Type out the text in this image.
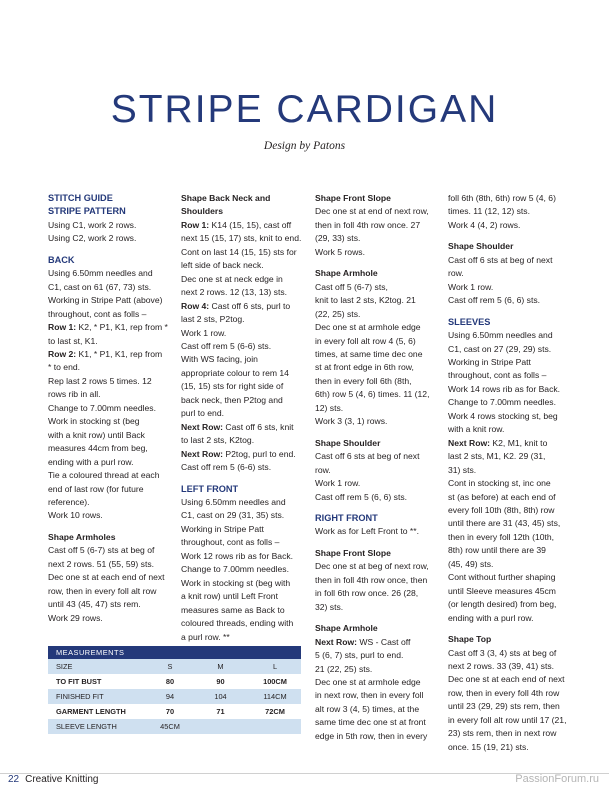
STRIPE CARDIGAN
Design by Patons

STITCH GUIDE

STRIPE PATTERN

Using C1, work 2 rows.

Using C2, work 2 rows.

BACK

Using 6.50mm needles and

C1, cast on 61 (67, 73) sts.

Working in Stripe Patt (above)

throughout, cont as folls –

Row 1: K2, * P1, K1, rep from *

to last st, K1.

Row 2: K1, * P1, K1, rep from

* to end.

Rep last 2 rows 5 times. 12

rows rib in all.

Change to 7.00mm needles.

Work in stocking st (beg

with a knit row) until Back

measures 44cm from beg,

ending with a purl row.

Tie a coloured thread at each

end of last row (for future

reference).

Work 10 rows.

Shape Armholes

Cast off 5 (6-7) sts at beg of

next 2 rows. 51 (55, 59) sts.

Dec one st at each end of next

row, then in every foll alt row

until 43 (45, 47) sts rem.

Work 29 rows.

Shape Back Neck and

Shoulders

Row 1: K14 (15, 15), cast off

next 15 (15, 17) sts, knit to end.

Cont on last 14 (15, 15) sts for

left side of back neck.

Dec one st at neck edge in

next 2 rows. 12 (13, 13) sts.

Row 4: Cast off 6 sts, purl to

last 2 sts, P2tog.

Work 1 row.

Cast off rem 5 (6-6) sts.

With WS facing, join

appropriate colour to rem 14

(15, 15) sts for right side of

back neck, then P2tog and

purl to end.

Next Row: Cast off 6 sts, knit

to last 2 sts, K2tog.

Next Row: P2tog, purl to end.

Cast off rem 5 (6-6) sts.

LEFT FRONT

Using 6.50mm needles and

C1, cast on 29 (31, 35) sts.

Working in Stripe Patt

throughout, cont as folls –

Work 12 rows rib as for Back.

Change to 7.00mm needles.

Work in stocking st (beg with

a knit row) until Left Front

measures same as Back to

coloured threads, ending with

a purl row. **

Shape Front Slope

Dec one st at end of next row,

then in foll 4th row once. 27

(29, 33) sts.

Work 5 rows.

Shape Armhole

Cast off 5 (6-7) sts,

knit to last 2 sts, K2tog. 21

(22, 25) sts.

Dec one st at armhole edge

in every foll alt row 4 (5, 6)

times, at same time dec one

st at front edge in 6th row,

then in every foll 6th (8th,

6th) row 5 (4, 6) times. 11 (12,

12) sts.

Work 3 (3, 1) rows.

Shape Shoulder

Cast off 6 sts at beg of next

row.

Work 1 row.

Cast off rem 5 (6, 6) sts.

RIGHT FRONT

Work as for Left Front to **.

Shape Front Slope

Dec one st at beg of next row,

then in foll 4th row once, then

in foll 6th row once. 26 (28,

32) sts.

Shape Armhole

Next Row: WS - Cast off

5 (6, 7) sts, purl to end.

21 (22, 25) sts.

Dec one st at armhole edge

in next row, then in every foll

alt row 3 (4, 5) times, at the

same time dec one st at front

edge in 5th row, then in every

foll 6th (8th, 6th) row 5 (4, 6)

times. 11 (12, 12) sts.

Work 4 (4, 2) rows.

Shape Shoulder

Cast off 6 sts at beg of next

row.

Work 1 row.

Cast off rem 5 (6, 6) sts.

SLEEVES

Using 6.50mm needles and

C1, cast on 27 (29, 29) sts.

Working in Stripe Patt

throughout, cont as folls –

Work 14 rows rib as for Back.

Change to 7.00mm needles.

Work 4 rows stocking st, beg

with a knit row.

Next Row: K2, M1, knit to

last 2 sts, M1, K2. 29 (31,

31) sts.

Cont in stocking st, inc one

st (as before) at each end of

every foll 10th (8th, 8th) row

until there are 31 (43, 45) sts,

then in every foll 12th (10th,

8th) row until there are 39

(45, 49) sts.

Cont without further shaping

until Sleeve measures 45cm

(or length desired) from beg,

ending with a purl row.

Shape Top

Cast off 3 (3, 4) sts at beg of

next 2 rows. 33 (39, 41) sts.

Dec one st at each end of next

row, then in every foll 4th row

until 23 (29, 29) sts rem, then

in every foll alt row until 17 (21,

23) sts rem, then in next row

once. 15 (19, 21) sts.

MEASUREMENTS
SIZE	S	M	L
TO FIT BUST	80	90	100CM
FINISHED FIT	94	104	114CM
GARMENT LENGTH	70	71	72CM
SLEEVE LENGTH	45CM
22 Creative Knitting	PassionForum.ru
